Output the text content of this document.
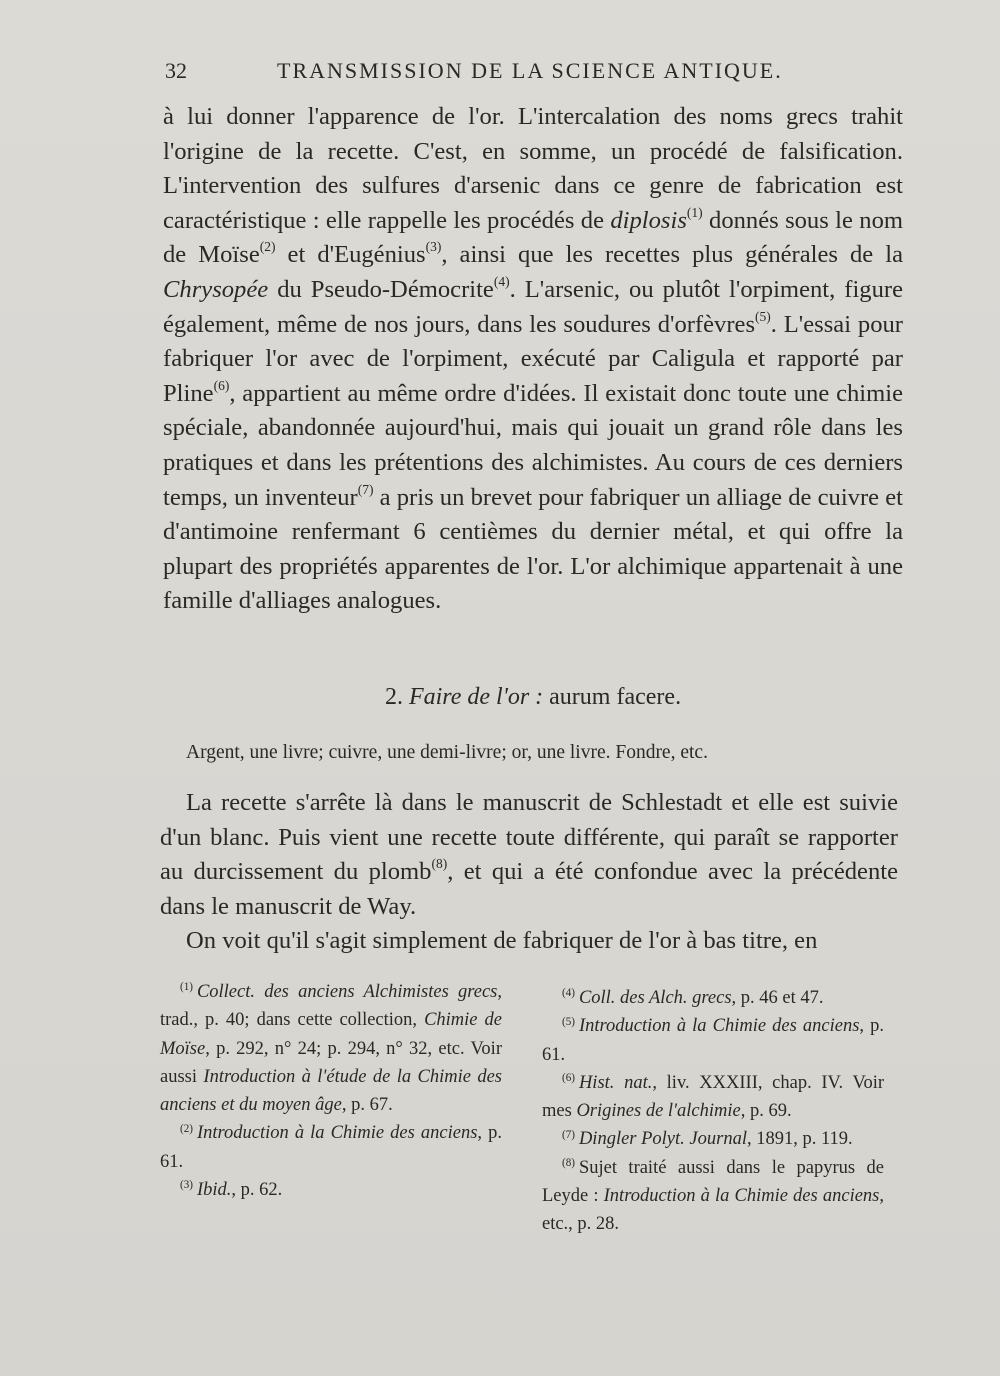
32	TRANSMISSION DE LA SCIENCE ANTIQUE.

à lui donner l'apparence de l'or. L'intercalation des noms grecs trahit l'origine de la recette. C'est, en somme, un procédé de falsification. L'intervention des sulfures d'arsenic dans ce genre de fabrication est caractéristique : elle rappelle les procédés de diplosis$^{(1)}$ donnés sous le nom de Moïse$^{(2)}$ et d'Eugénius$^{(3)}$, ainsi que les recettes plus générales de la Chrysopée du Pseudo-Démocrite$^{(4)}$. L'arsenic, ou plutôt l'orpiment, figure également, même de nos jours, dans les soudures d'orfèvres$^{(5)}$. L'essai pour fabriquer l'or avec de l'orpiment, exécuté par Caligula et rapporté par Pline$^{(6)}$, appartient au même ordre d'idées. Il existait donc toute une chimie spéciale, abandonnée aujourd'hui, mais qui jouait un grand rôle dans les pratiques et dans les prétentions des alchimistes. Au cours de ces derniers temps, un inventeur$^{(7)}$ a pris un brevet pour fabriquer un alliage de cuivre et d'antimoine renfermant 6 centièmes du dernier métal, et qui offre la plupart des propriétés apparentes de l'or. L'or alchimique appartenait à une famille d'alliages analogues.

2. Faire de l'or : aurum facere.
Argent, une livre; cuivre, une demi-livre; or, une livre. Fondre, etc.

La recette s'arrête là dans le manuscrit de Schlestadt et elle est suivie d'un blanc. Puis vient une recette toute différente, qui paraît se rapporter au durcissement du plomb$^{(8)}$, et qui a été confondue avec la précédente dans le manuscrit de Way.

On voit qu'il s'agit simplement de fabriquer de l'or à bas titre, en

$^{(1)}$ Collect. des anciens Alchimistes grecs, trad., p. 40; dans cette collection, Chimie de Moïse, p. 292, n° 24; p. 294, n° 32, etc. Voir aussi Introduction à l'étude de la Chimie des anciens et du moyen âge, p. 67.

$^{(2)}$ Introduction à la Chimie des anciens, p. 61.

$^{(3)}$ Ibid., p. 62.

$^{(4)}$ Coll. des Alch. grecs, p. 46 et 47.

$^{(5)}$ Introduction à la Chimie des anciens, p. 61.

$^{(6)}$ Hist. nat., liv. XXXIII, chap. IV. Voir mes Origines de l'alchimie, p. 69.

$^{(7)}$ Dingler Polyt. Journal, 1891, p. 119.

$^{(8)}$ Sujet traité aussi dans le papyrus de Leyde : Introduction à la Chimie des anciens, etc., p. 28.
